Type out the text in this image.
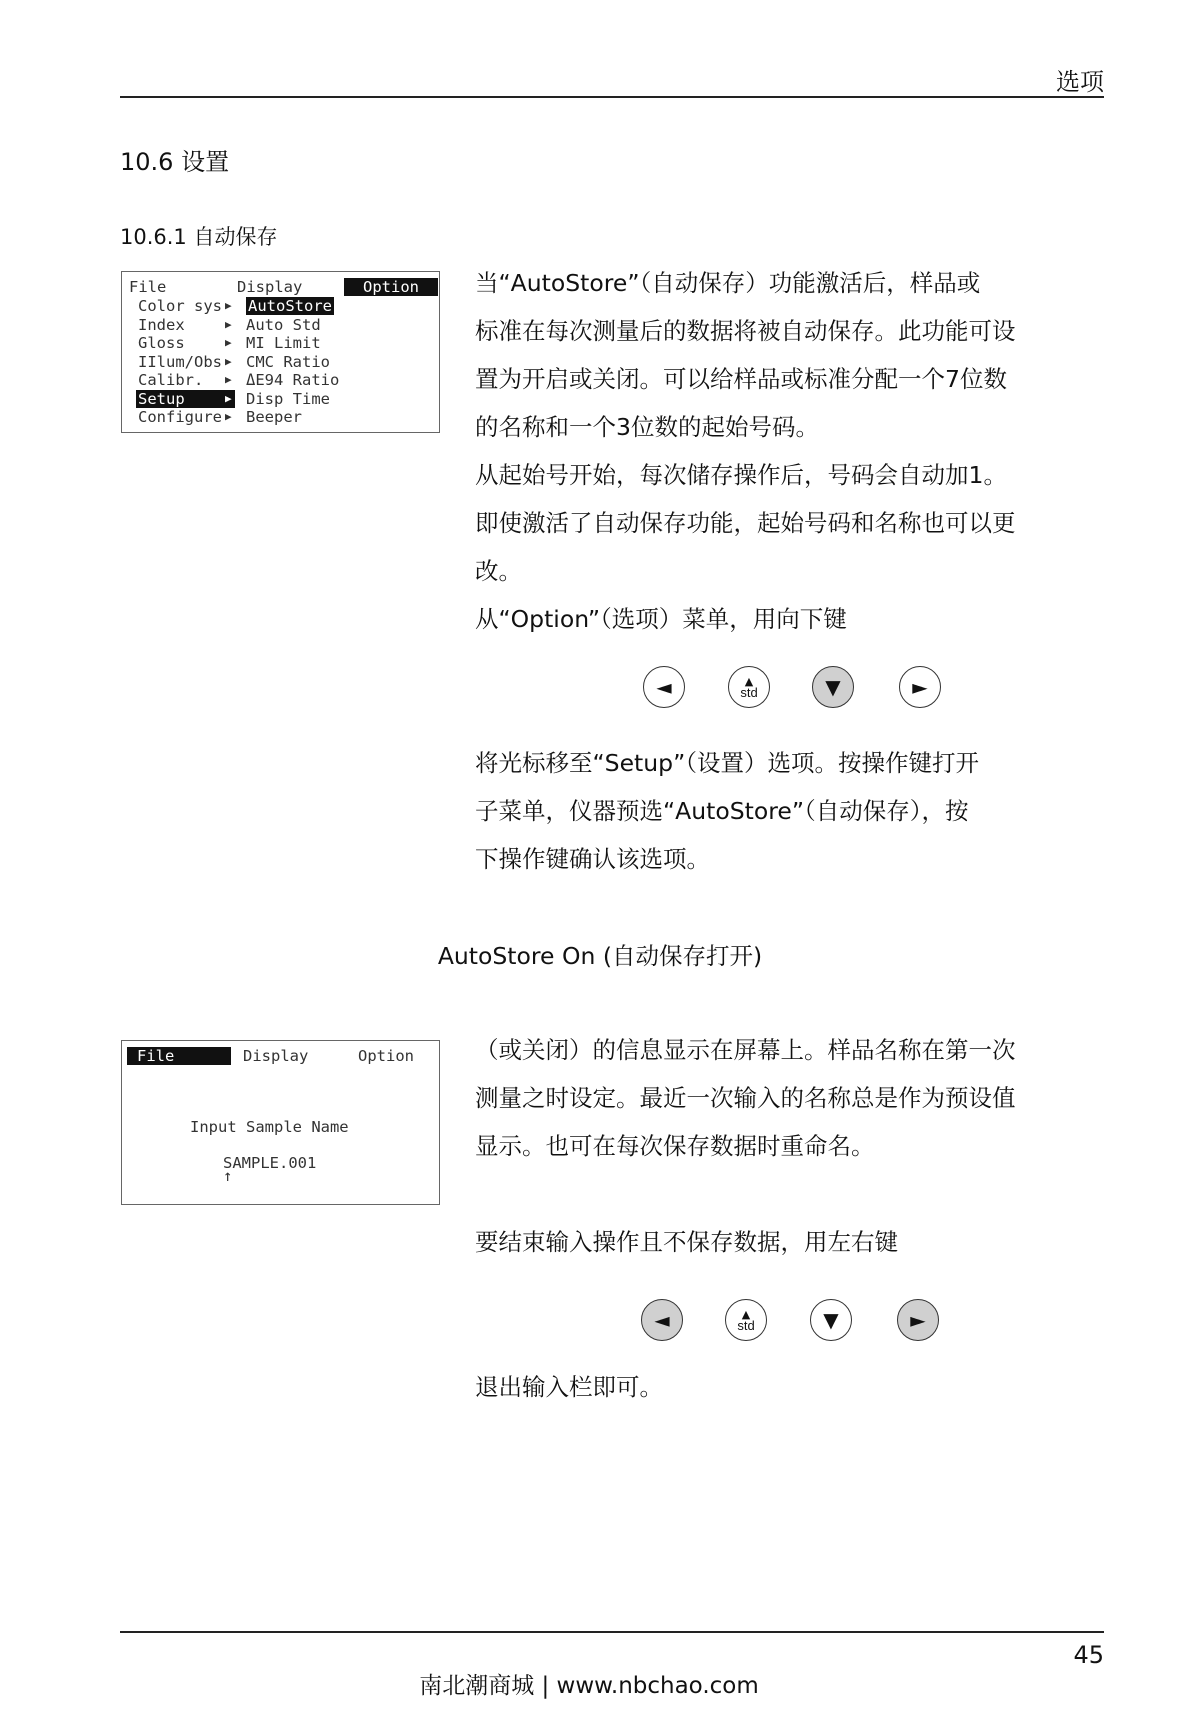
选项
10.6 设置
10.6.1 自动保存
File	Display	Option
Color sys ▶ AutoStore
Index	▶ Auto Std
Gloss	▶ MI Limit
IIlum/Obs ▶ CMC Ratio
Calibr. ▶ ΔE94 Ratio
Setup	▶ Disp Time
Configure ▶ Beeper
当“AutoStore”（自动保存）功能激活后，样品或
标准在每次测量后的数据将被自动保存。此功能可设
置为开启或关闭。可以给样品或标准分配一个7位数
的名称和一个3位数的起始号码。
从起始号开始，每次储存操作后，号码会自动加1。
即使激活了自动保存功能，起始号码和名称也可以更
改。
从“Option”（选项）菜单，用向下键
◄	▲
std	▼	►
将光标移至“Setup”（设置）选项。按操作键打开
子菜单，仪器预选“AutoStore”（自动保存），按
下操作键确认该选项。
AutoStore On (自动保存打开)
File	Display	Option
Input Sample Name
SAMPLE.001
↑
（或关闭）的信息显示在屏幕上。样品名称在第一次
测量之时设定。最近一次输入的名称总是作为预设值
显示。也可在每次保存数据时重命名。
要结束输入操作且不保存数据，用左右键
◄	▲
std	▼	►
退出输入栏即可。
45
南北潮商城 | www.nbchao.com
